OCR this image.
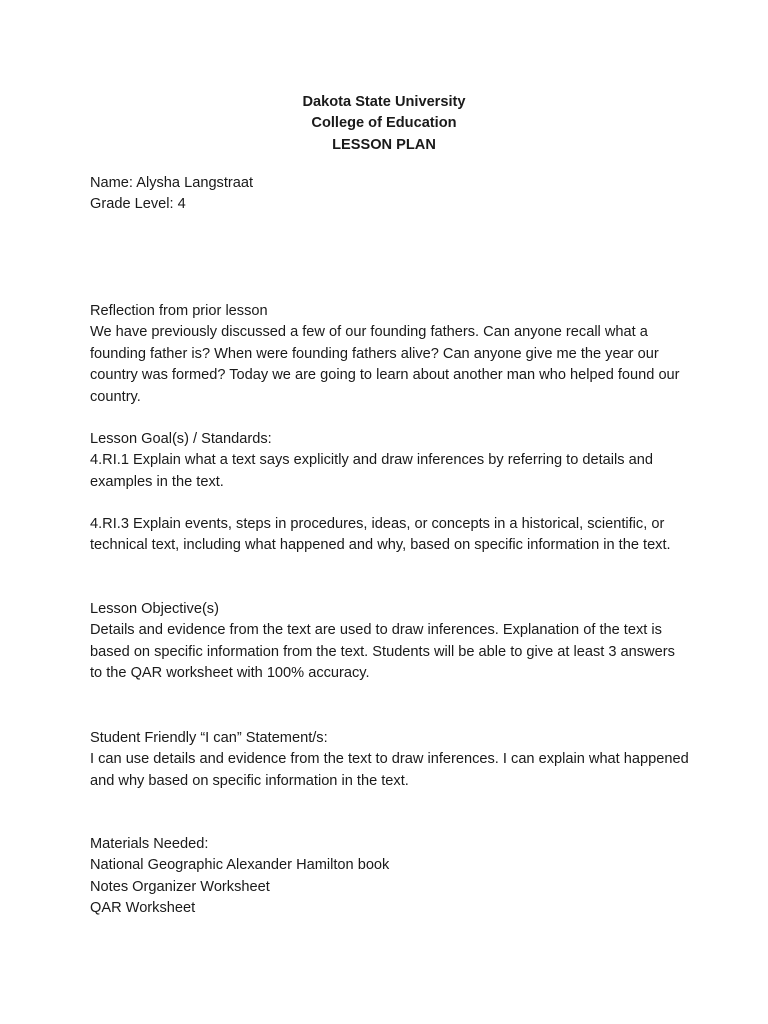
Dakota State University
College of Education
LESSON PLAN

Name: Alysha Langstraat

Grade Level: 4

Reflection from prior lesson

We have previously discussed a few of our founding fathers. Can anyone recall what a founding father is? When were founding fathers alive? Can anyone give me the year our country was formed? Today we are going to learn about another man who helped found our country.

Lesson Goal(s) / Standards:

4.RI.1 Explain what a text says explicitly and draw inferences by referring to details and examples in the text.

4.RI.3 Explain events, steps in procedures, ideas, or concepts in a historical, scientific, or technical text, including what happened and why, based on specific information in the text.

Lesson Objective(s)

Details and evidence from the text are used to draw inferences. Explanation of the text is based on specific information from the text. Students will be able to give at least 3 answers to the QAR worksheet with 100% accuracy.

Student Friendly “I can” Statement/s:

I can use details and evidence from the text to draw inferences. I can explain what happened and why based on specific information in the text.

Materials Needed:

National Geographic Alexander Hamilton book

Notes Organizer Worksheet

QAR Worksheet
